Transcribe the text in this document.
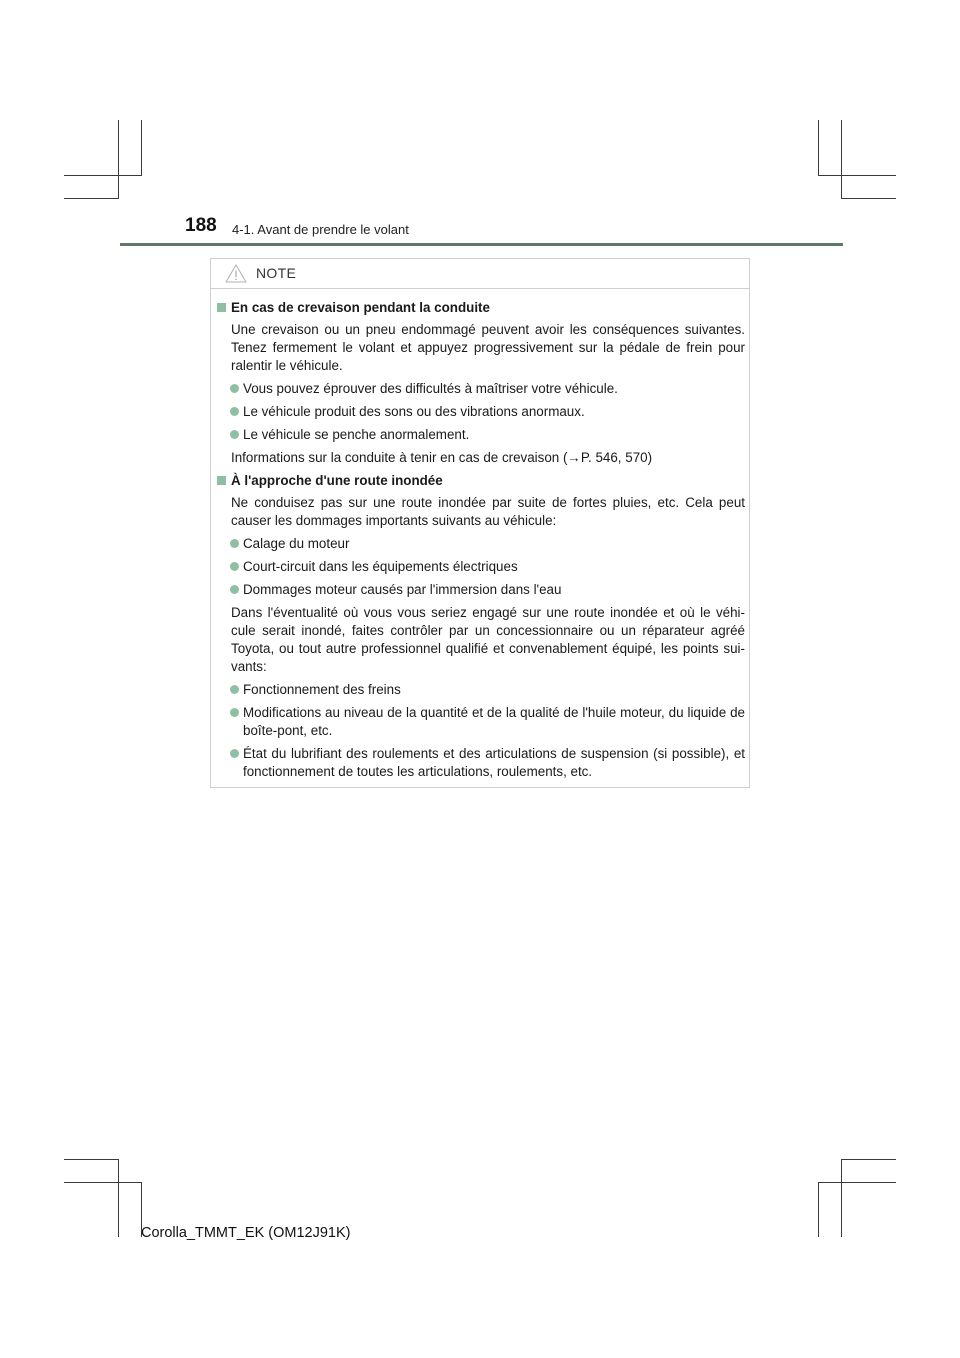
188 4-1. Avant de prendre le volant
NOTE
En cas de crevaison pendant la conduite
Une crevaison ou un pneu endommagé peuvent avoir les conséquences suivantes. Tenez fermement le volant et appuyez progressivement sur la pédale de frein pour ralentir le véhicule.
Vous pouvez éprouver des difficultés à maîtriser votre véhicule.
Le véhicule produit des sons ou des vibrations anormaux.
Le véhicule se penche anormalement.
Informations sur la conduite à tenir en cas de crevaison (→P. 546, 570)
À l'approche d'une route inondée
Ne conduisez pas sur une route inondée par suite de fortes pluies, etc. Cela peut causer les dommages importants suivants au véhicule:
Calage du moteur
Court-circuit dans les équipements électriques
Dommages moteur causés par l'immersion dans l'eau
Dans l'éventualité où vous vous seriez engagé sur une route inondée et où le véhi-cule serait inondé, faites contrôler par un concessionnaire ou un réparateur agréé Toyota, ou tout autre professionnel qualifié et convenablement équipé, les points sui-vants:
Fonctionnement des freins
Modifications au niveau de la quantité et de la qualité de l'huile moteur, du liquide de boîte-pont, etc.
État du lubrifiant des roulements et des articulations de suspension (si possible), et fonctionnement de toutes les articulations, roulements, etc.
Corolla_TMMT_EK (OM12J91K)
